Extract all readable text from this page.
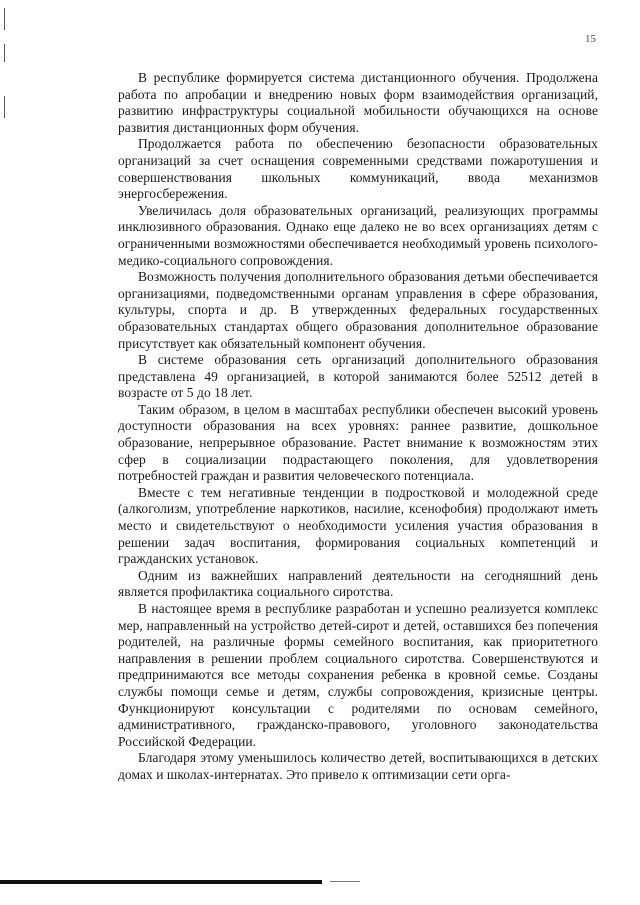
15

В республике формируется система дистанционного обучения. Продолжена работа по апробации и внедрению новых форм взаимодействия организаций, развитию инфраструктуры социальной мобильности обучающихся на основе развития дистанционных форм обучения.

Продолжается работа по обеспечению безопасности образовательных организаций за счет оснащения современными средствами пожаротушения и совершенствования школьных коммуникаций, ввода механизмов энергосбережения.

Увеличилась доля образовательных организаций, реализующих программы инклюзивного образования. Однако еще далеко не во всех организациях детям с ограниченными возможностями обеспечивается необходимый уровень психолого-медико-социального сопровождения.

Возможность получения дополнительного образования детьми обеспечивается организациями, подведомственными органам управления в сфере образования, культуры, спорта и др. В утвержденных федеральных государственных образовательных стандартах общего образования дополнительное образование присутствует как обязательный компонент обучения.

В системе образования сеть организаций дополнительного образования представлена 49 организацией, в которой занимаются более 52512 детей в возрасте от 5 до 18 лет.

Таким образом, в целом в масштабах республики обеспечен высокий уровень доступности образования на всех уровнях: раннее развитие, дошкольное образование, непрерывное образование. Растет внимание к возможностям этих сфер в социализации подрастающего поколения, для удовлетворения потребностей граждан и развития человеческого потенциала.

Вместе с тем негативные тенденции в подростковой и молодежной среде (алкоголизм, употребление наркотиков, насилие, ксенофобия) продолжают иметь место и свидетельствуют о необходимости усиления участия образования в решении задач воспитания, формирования социальных компетенций и гражданских установок.

Одним из важнейших направлений деятельности на сегодняшний день является профилактика социального сиротства.

В настоящее время в республике разработан и успешно реализуется комплекс мер, направленный на устройство детей-сирот и детей, оставшихся без попечения родителей, на различные формы семейного воспитания, как приоритетного направления в решении проблем социального сиротства. Совершенствуются и предпринимаются все методы сохранения ребенка в кровной семье. Созданы службы помощи семье и детям, службы сопровождения, кризисные центры. Функционируют консультации с родителями по основам семейного, административного, гражданско-правового, уголовного законодательства Российской Федерации.

Благодаря этому уменьшилось количество детей, воспитывающихся в детских домах и школах-интернатах. Это привело к оптимизации сети орга-
